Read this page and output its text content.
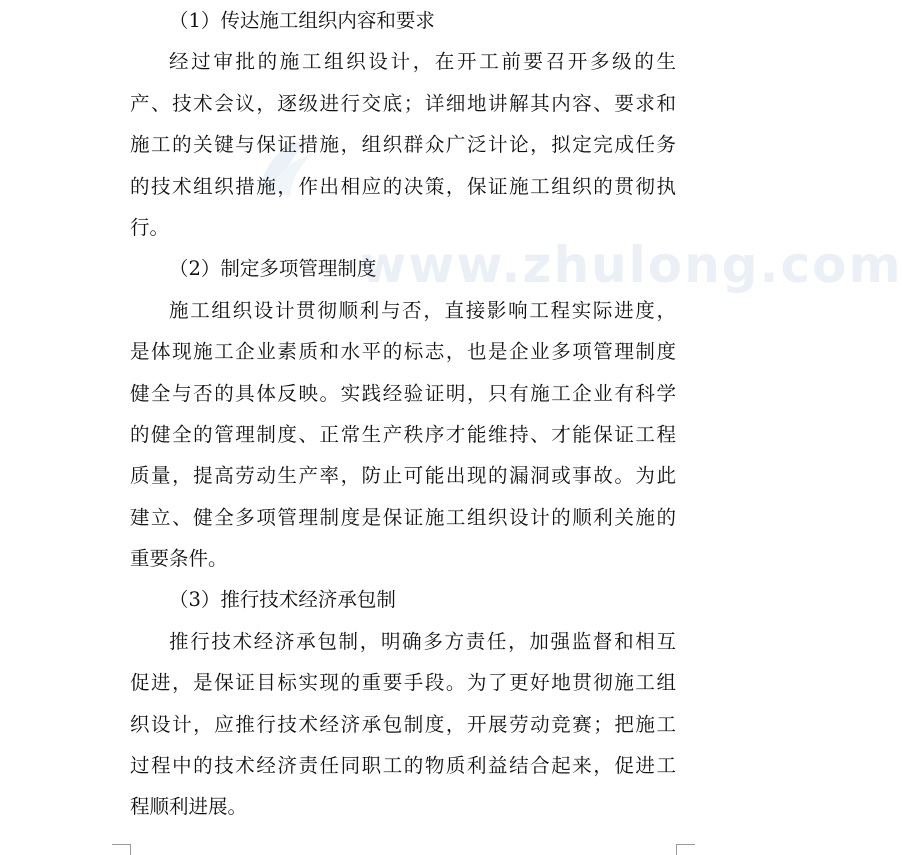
www.zhulong.com
（1）传达施工组织内容和要求
经过审批的施工组织设计，在开工前要召开多级的生
产、技术会议，逐级进行交底；详细地讲解其内容、要求和
施工的关键与保证措施，组织群众广泛计论，拟定完成任务
的技术组织措施，作出相应的决策，保证施工组织的贯彻执
行。
（2）制定多项管理制度
施工组织设计贯彻顺利与否，直接影响工程实际进度，
是体现施工企业素质和水平的标志，也是企业多项管理制度
健全与否的具体反映。实践经验证明，只有施工企业有科学
的健全的管理制度、正常生产秩序才能维持、才能保证工程
质量，提高劳动生产率，防止可能出现的漏洞或事故。为此
建立、健全多项管理制度是保证施工组织设计的顺利关施的
重要条件。
（3）推行技术经济承包制
推行技术经济承包制，明确多方责任，加强监督和相互
促进，是保证目标实现的重要手段。为了更好地贯彻施工组
织设计，应推行技术经济承包制度，开展劳动竞赛；把施工
过程中的技术经济责任同职工的物质利益结合起来，促进工
程顺利进展。
